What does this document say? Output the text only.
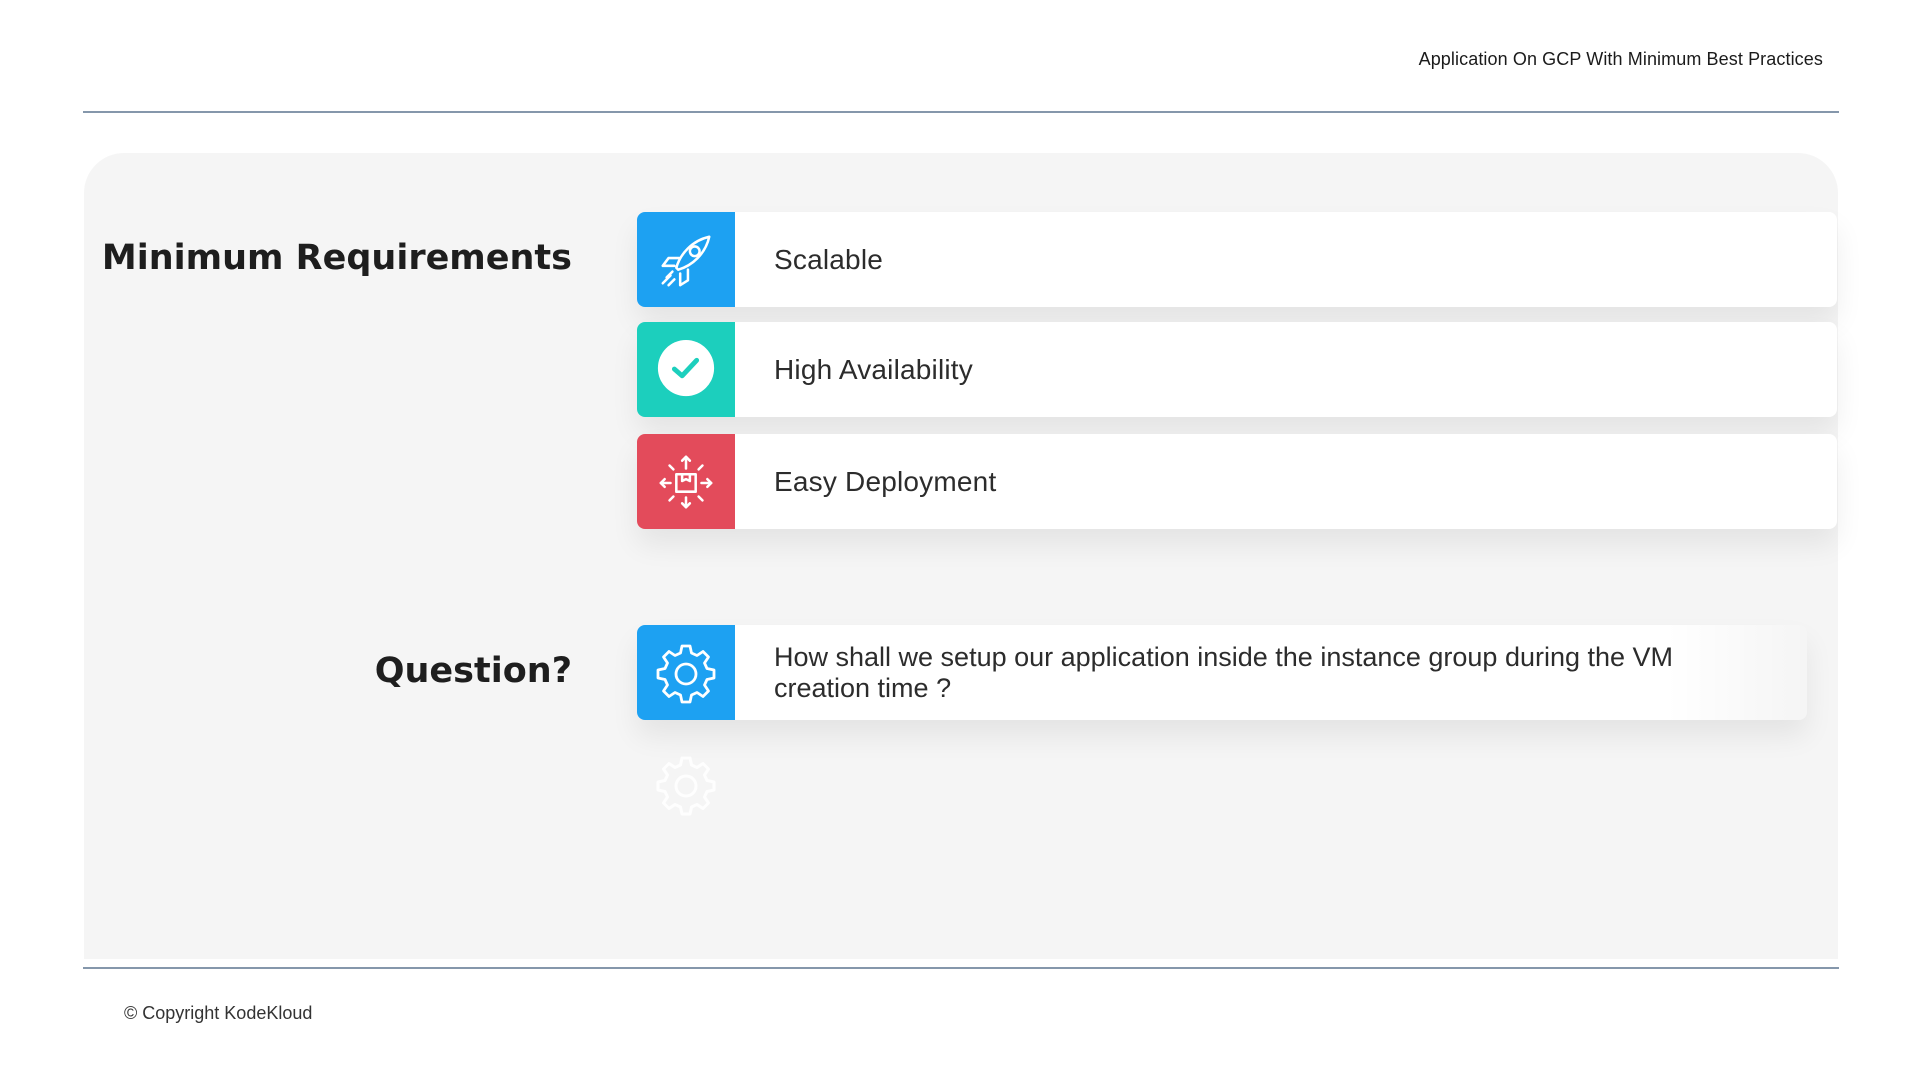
Application On GCP With Minimum Best Practices
Minimum Requirements	Scalable
High Availability
Easy Deployment
Question?	How shall we setup our application inside the instance group during the VM creation time ?
© Copyright KodeKloud
